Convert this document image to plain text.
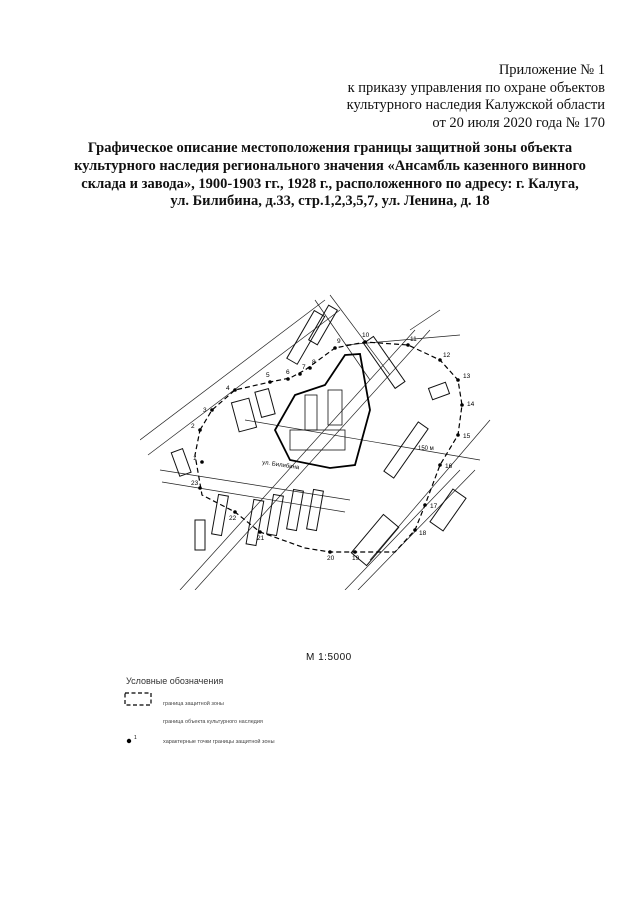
Приложение № 1
к приказу управления по охране объектов
культурного наследия Калужской области
от 20 июля 2020 года № 170
Графическое описание местоположения границы защитной зоны объекта
культурного наследия регионального значения «Ансамбль казенного винного
склада и завода», 1900-1903 гг., 1928 г., расположенного по адресу: г. Калуга,
ул. Билибина, д.33, стр.1,2,3,5,7, ул. Ленина, д. 18
ул. Билибина
150 м
1
2
3
4
5	6
7
8
9
10
11
12
13
14
15
16
17
18
19
20
21
22
23
М 1:5000
Условные обозначения
граница защитной зоны
граница объекта культурного наследия
1
характерные точки границы защитной зоны
